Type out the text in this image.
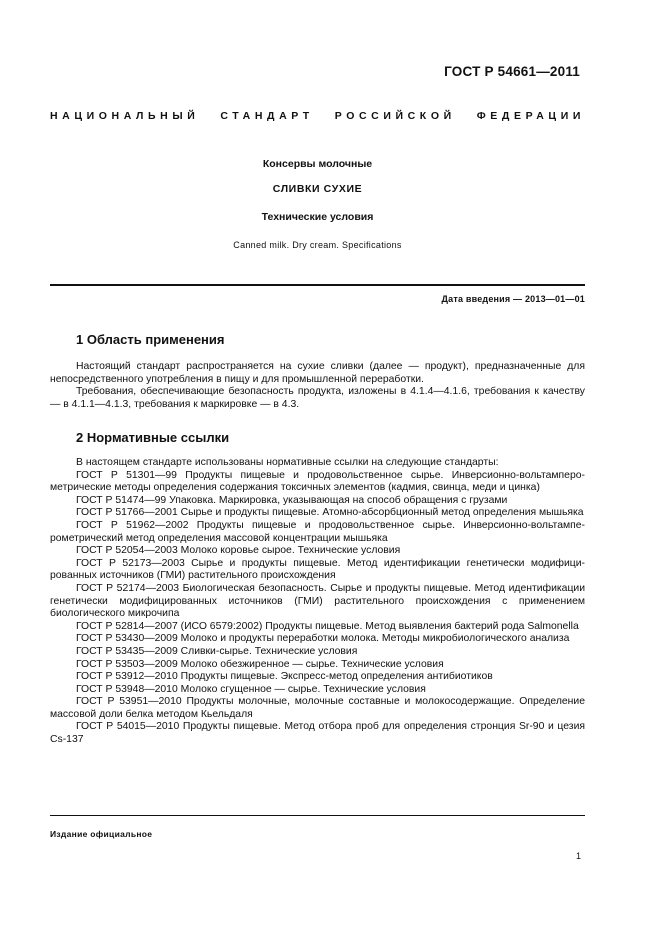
ГОСТ Р 54661—2011
НАЦИОНАЛЬНЫЙ СТАНДАРТ РОССИЙСКОЙ ФЕДЕРАЦИИ
Консервы молочные
СЛИВКИ СУХИЕ
Технические условия
Canned milk. Dry cream. Specifications
Дата введения — 2013—01—01
1 Область применения

Настоящий стандарт распространяется на сухие сливки (далее — продукт), предназначенные для непосредственного употребления в пищу и для промышленной переработки.

Требования, обеспечивающие безопасность продукта, изложены в 4.1.4—4.1.6, требования к качеству — в 4.1.1—4.1.3, требования к маркировке — в 4.3.

2 Нормативные ссылки

В настоящем стандарте использованы нормативные ссылки на следующие стандарты:

ГОСТ Р 51301—99 Продукты пищевые и продовольственное сырье. Инверсионно-вольтамперометрические методы определения содержания токсичных элементов (кадмия, свинца, меди и цинка)

ГОСТ Р 51474—99 Упаковка. Маркировка, указывающая на способ обращения с грузами

ГОСТ Р 51766—2001 Сырье и продукты пищевые. Атомно-абсорбционный метод определения мышьяка

ГОСТ Р 51962—2002 Продукты пищевые и продовольственное сырье. Инверсионно-вольтамперометрический метод определения массовой концентрации мышьяка

ГОСТ Р 52054—2003 Молоко коровье сырое. Технические условия

ГОСТ Р 52173—2003 Сырье и продукты пищевые. Метод идентификации генетически модифицированных источников (ГМИ) растительного происхождения

ГОСТ Р 52174—2003 Биологическая безопасность. Сырье и продукты пищевые. Метод идентификации генетически модифицированных источников (ГМИ) растительного происхождения с применением биологического микрочипа

ГОСТ Р 52814—2007 (ИСО 6579:2002) Продукты пищевые. Метод выявления бактерий рода Salmonella

ГОСТ Р 53430—2009 Молоко и продукты переработки молока. Методы микробиологического анализа

ГОСТ Р 53435—2009 Сливки-сырье. Технические условия

ГОСТ Р 53503—2009 Молоко обезжиренное — сырье. Технические условия

ГОСТ Р 53912—2010 Продукты пищевые. Экспресс-метод определения антибиотиков

ГОСТ Р 53948—2010 Молоко сгущенное — сырье. Технические условия

ГОСТ Р 53951—2010 Продукты молочные, молочные составные и молокосодержащие. Определение массовой доли белка методом Кьельдаля

ГОСТ Р 54015—2010 Продукты пищевые. Метод отбора проб для определения стронция Sr-90 и цезия Cs-137

Издание официальное
1
